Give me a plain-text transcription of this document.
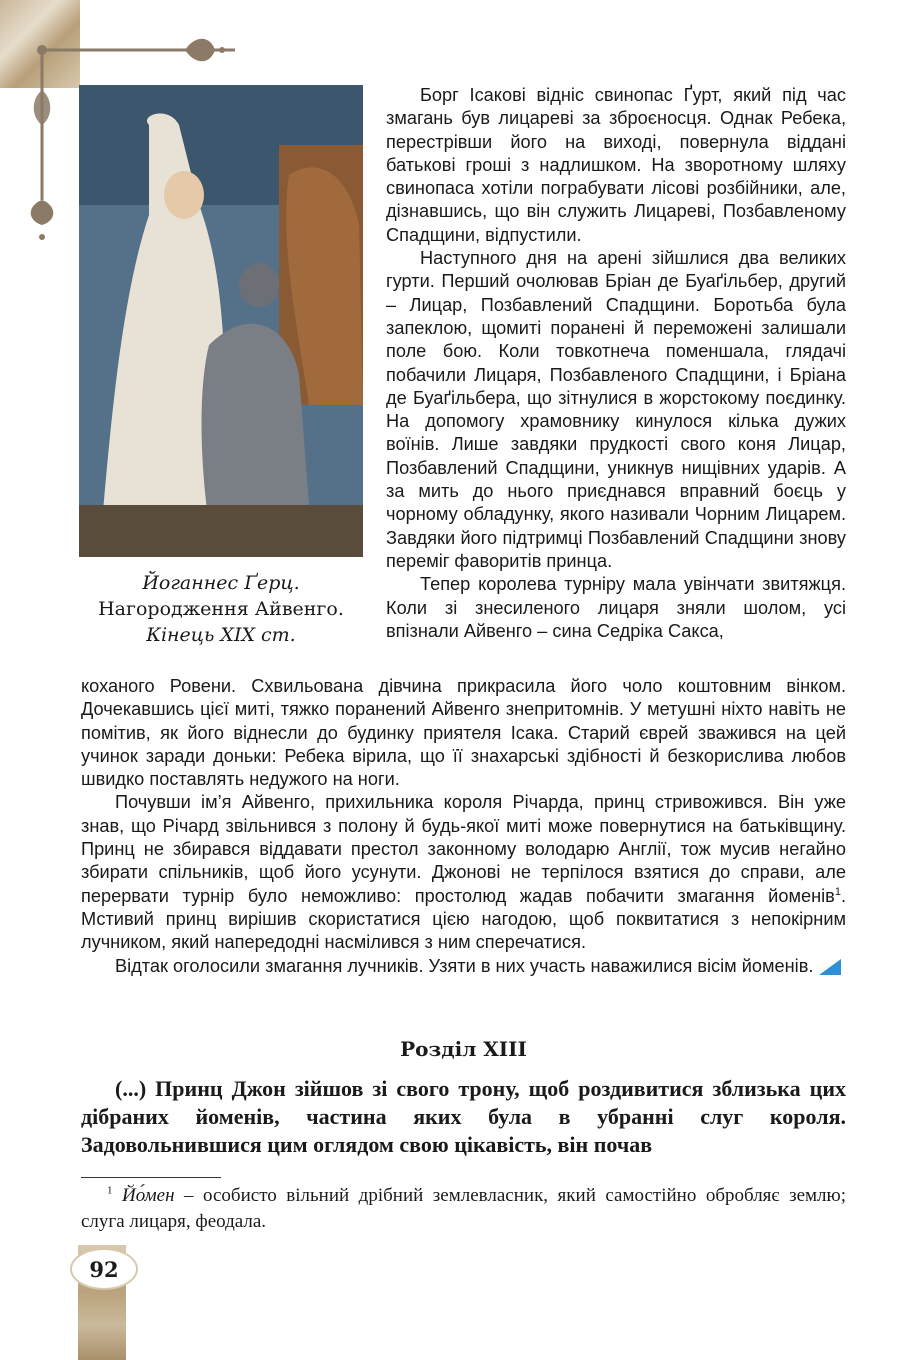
Йоганнес Ґерц.
Нагородження Айвенго.
Кінець XIX ст.

Борг Ісакові відніс свинопас Ґурт, який під час змагань був лицареві за зброєносця. Однак Ребека, перестрівши його на виході, повернула віддані батькові гроші з надлишком. На зворотному шляху свинопаса хотіли пограбувати лісові розбійники, але, дізнавшись, що він служить Лицареві, Позбавленому Спадщини, відпустили.

Наступного дня на арені зійшлися два великих гурти. Перший очолював Бріан де Буаґільбер, другий – Лицар, Позбавлений Спадщини. Боротьба була запеклою, щомиті поранені й переможені залишали поле бою. Коли товкотнеча поменшала, глядачі побачили Лицаря, Позбавленого Спадщини, і Бріана де Буаґільбера, що зітнулися в жорстокому поєдинку. На допомогу храмовнику кинулося кілька дужих воїнів. Лише завдяки прудкості свого коня Лицар, Позбавлений Спадщини, уникнув нищівних ударів. А за мить до нього приєднався вправний боєць у чорному обладунку, якого називали Чорним Лицарем. Завдяки його підтримці Позбавлений Спадщини знову переміг фаворитів принца.

Тепер королева турніру мала увінчати звитяжця. Коли зі знесиленого лицаря зняли шолом, усі впізнали Айвенго – сина Седріка Сакса,

коханого Ровени. Схвильована дівчина прикрасила його чоло коштовним вінком. Дочекавшись цієї миті, тяжко поранений Айвенго знепритомнів. У метушні ніхто навіть не помітив, як його віднесли до будинку приятеля Ісака. Старий єврей зважився на цей учинок заради доньки: Ребека вірила, що її знахарські здібності й безкорислива любов швидко поставлять недужого на ноги.

Почувши ім’я Айвенго, прихильника короля Річарда, принц стривожився. Він уже знав, що Річард звільнився з полону й будь-якої миті може повернутися на батьківщину. Принц не збирався віддавати престол законному володарю Англії, тож мусив негайно збирати спільників, щоб його усунути. Джонові не терпілося взятися до справи, але перервати турнір було неможливо: простолюд жадав побачити змагання йоменів$^1$. Мстивий принц вирішив скористатися цією нагодою, щоб поквитатися з непокірним лучником, який напередодні насмілився з ним сперечатися.

Відтак оголосили змагання лучників. Узяти в них участь наважилися вісім йоменів.

Розділ XIII

(...) Принц Джон зійшов зі свого трону, щоб роздивитися зблизька цих дібраних йоменів, частина яких була в убранні слуг короля. Задовольнившися цим оглядом свою цікавість, він почав

$^1$ Йо́мен – особисто вільний дрібний землевласник, який самостійно обробляє землю; слуга лицаря, феодала.

92
